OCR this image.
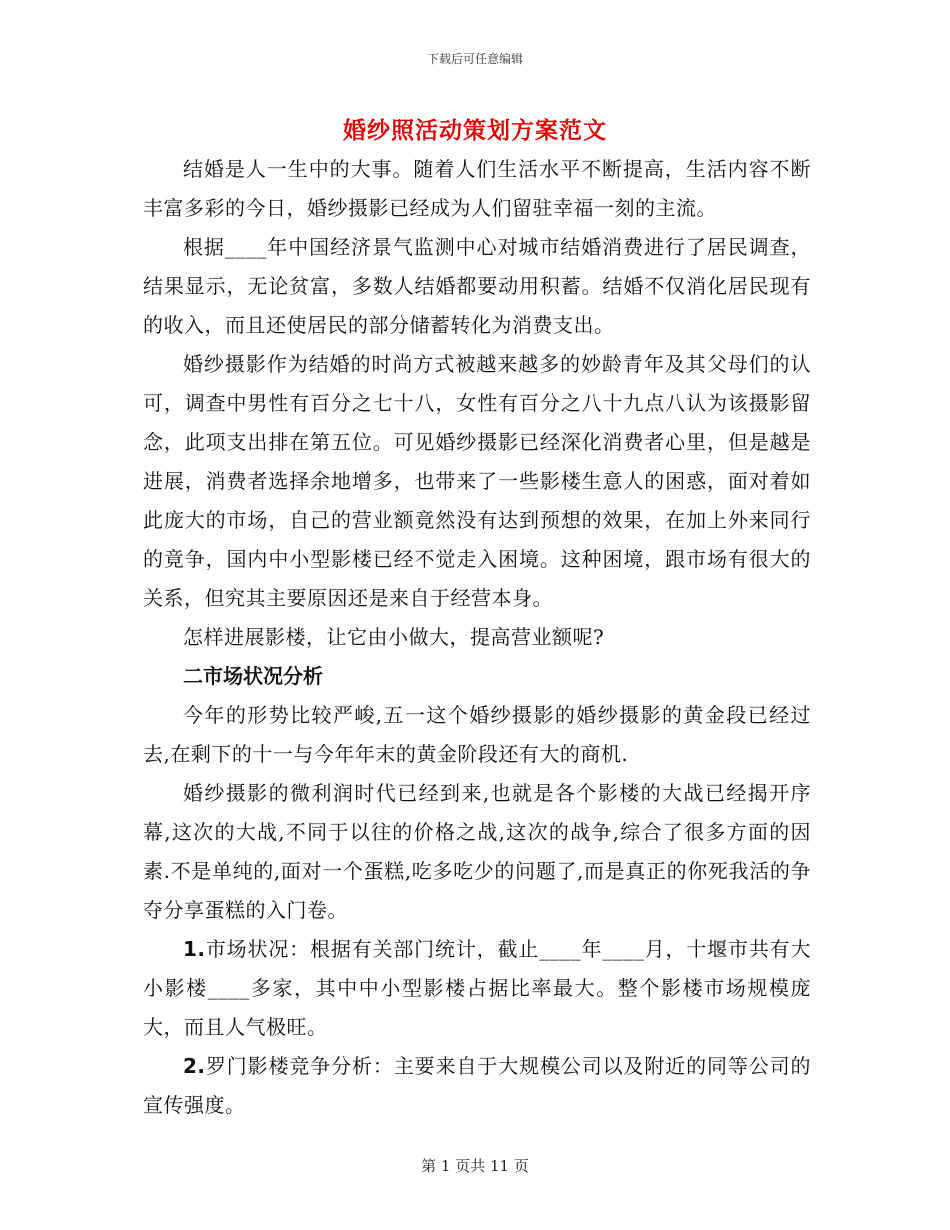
下载后可任意编辑
婚纱照活动策划方案范文

结婚是人一生中的大事。随着人们生活水平不断提高，生活内容不断丰富多彩的今日，婚纱摄影已经成为人们留驻幸福一刻的主流。

根据____年中国经济景气监测中心对城市结婚消费进行了居民调查，结果显示，无论贫富，多数人结婚都要动用积蓄。结婚不仅消化居民现有的收入，而且还使居民的部分储蓄转化为消费支出。

婚纱摄影作为结婚的时尚方式被越来越多的妙龄青年及其父母们的认可，调查中男性有百分之七十八，女性有百分之八十九点八认为该摄影留念，此项支出排在第五位。可见婚纱摄影已经深化消费者心里，但是越是进展，消费者选择余地增多，也带来了一些影楼生意人的困惑，面对着如此庞大的市场，自己的营业额竟然没有达到预想的效果，在加上外来同行的竟争，国内中小型影楼已经不觉走入困境。这种困境，跟市场有很大的关系，但究其主要原因还是来自于经营本身。

怎样进展影楼，让它由小做大，提高营业额呢?

二市场状况分析

今年的形势比较严峻,五一这个婚纱摄影的婚纱摄影的黄金段已经过去,在剩下的十一与今年年末的黄金阶段还有大的商机.

婚纱摄影的微利润时代已经到来,也就是各个影楼的大战已经揭开序幕,这次的大战,不同于以往的价格之战,这次的战争,综合了很多方面的因素.不是单纯的,面对一个蛋糕,吃多吃少的问题了,而是真正的你死我活的争夺分享蛋糕的入门卷。

1.市场状况：根据有关部门统计，截止____年____月，十堰市共有大小影楼____多家，其中中小型影楼占据比率最大。整个影楼市场规模庞大，而且人气极旺。

2.罗门影楼竞争分析：主要来自于大规模公司以及附近的同等公司的宣传强度。

第 1 页共 11 页
